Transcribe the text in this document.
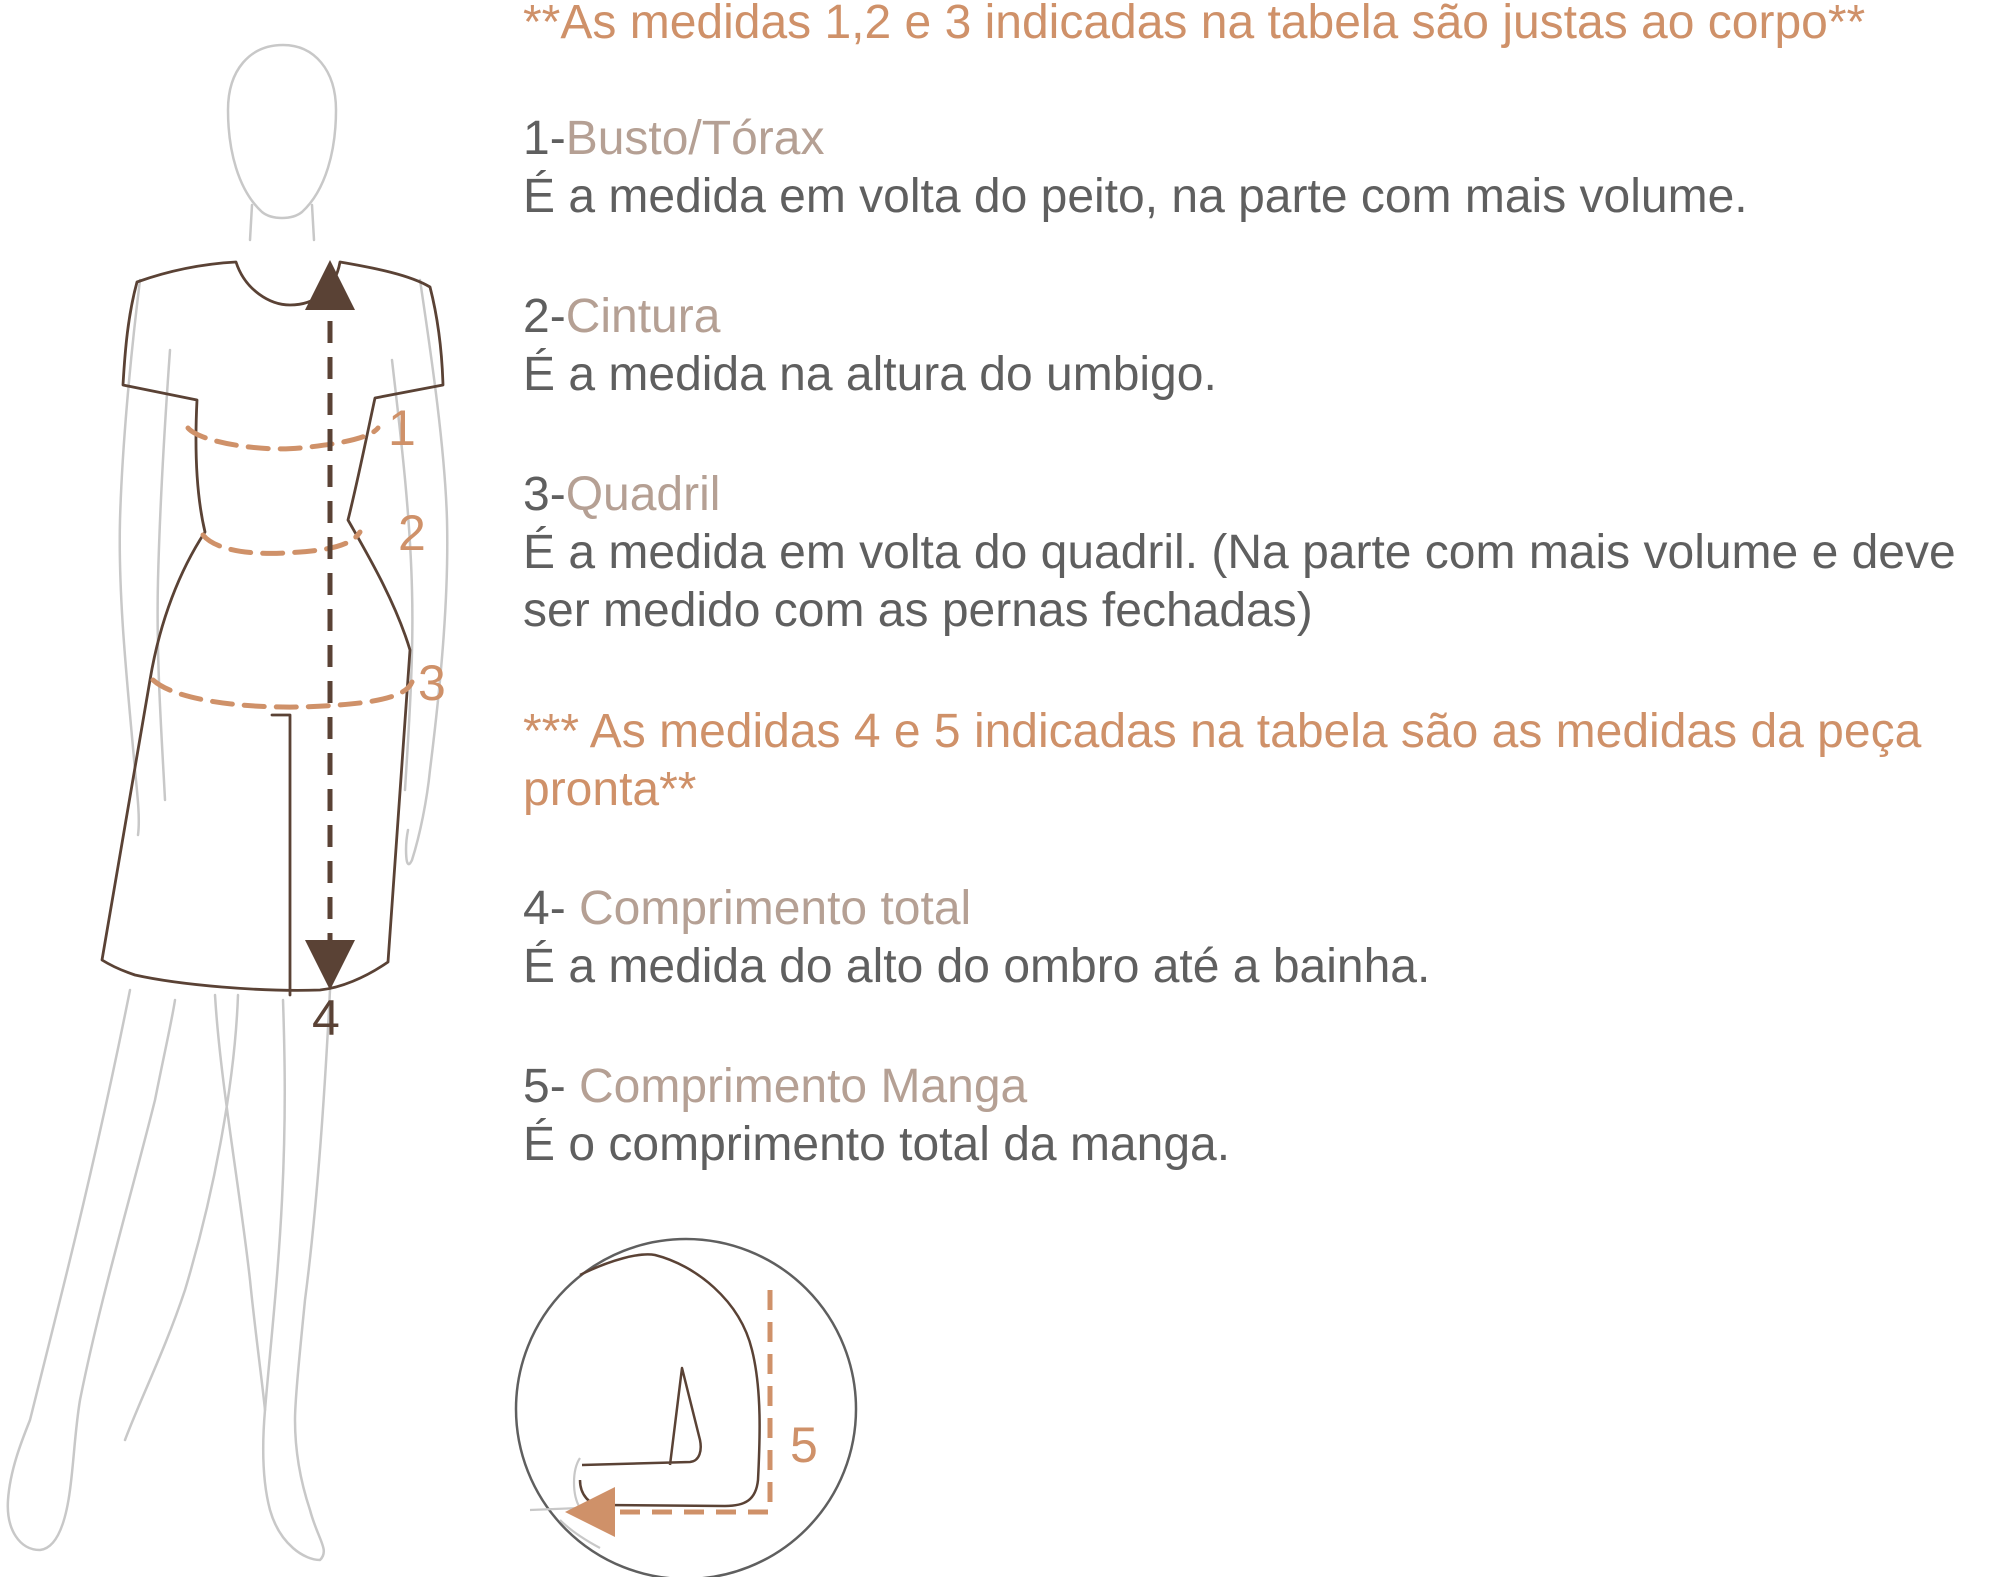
1
2
3
4
5

**As medidas 1,2 e 3 indicadas na tabela são justas ao corpo**

1-Busto/Tórax
É a medida em volta do peito, na parte com mais volume.
2-Cintura
É a medida na altura do umbigo.
3-Quadril
É a medida em volta do quadril. (Na parte com mais volume e deve ser medido com as pernas fechadas)

*** As medidas 4 e 5 indicadas na tabela são as medidas da peça pronta**

4- Comprimento total
É a medida do alto do ombro até a bainha.
5- Comprimento Manga
É o comprimento total da manga.
